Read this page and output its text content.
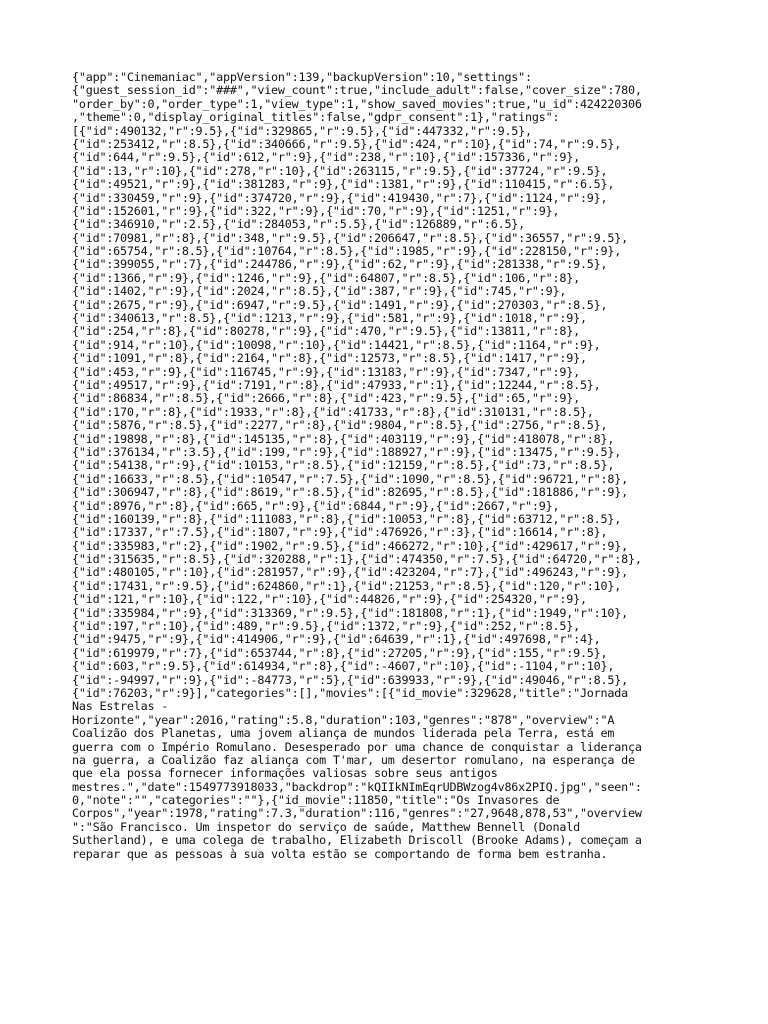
{"app":"Cinemaniac","appVersion":139,"backupVersion":10,"settings":
{"guest_session_id":"###","view_count":true,"include_adult":false,"cover_size":780,
"order_by":0,"order_type":1,"view_type":1,"show_saved_movies":true,"u_id":424220306
,"theme":0,"display_original_titles":false,"gdpr_consent":1},"ratings":
[{"id":490132,"r":9.5},{"id":329865,"r":9.5},{"id":447332,"r":9.5},
{"id":253412,"r":8.5},{"id":340666,"r":9.5},{"id":424,"r":10},{"id":74,"r":9.5},
{"id":644,"r":9.5},{"id":612,"r":9},{"id":238,"r":10},{"id":157336,"r":9},
{"id":13,"r":10},{"id":278,"r":10},{"id":263115,"r":9.5},{"id":37724,"r":9.5},
{"id":49521,"r":9},{"id":381283,"r":9},{"id":1381,"r":9},{"id":110415,"r":6.5},
{"id":330459,"r":9},{"id":374720,"r":9},{"id":419430,"r":7},{"id":1124,"r":9},
{"id":152601,"r":9},{"id":322,"r":9},{"id":70,"r":9},{"id":1251,"r":9},
{"id":346910,"r":2.5},{"id":284053,"r":5.5},{"id":126889,"r":6.5},
{"id":70981,"r":8},{"id":348,"r":9.5},{"id":206647,"r":8.5},{"id":36557,"r":9.5},
{"id":65754,"r":8.5},{"id":10764,"r":8.5},{"id":1985,"r":9},{"id":228150,"r":9},
{"id":399055,"r":7},{"id":244786,"r":9},{"id":62,"r":9},{"id":281338,"r":9.5},
{"id":1366,"r":9},{"id":1246,"r":9},{"id":64807,"r":8.5},{"id":106,"r":8},
{"id":1402,"r":9},{"id":2024,"r":8.5},{"id":387,"r":9},{"id":745,"r":9},
{"id":2675,"r":9},{"id":6947,"r":9.5},{"id":1491,"r":9},{"id":270303,"r":8.5},
{"id":340613,"r":8.5},{"id":1213,"r":9},{"id":581,"r":9},{"id":1018,"r":9},
{"id":254,"r":8},{"id":80278,"r":9},{"id":470,"r":9.5},{"id":13811,"r":8},
{"id":914,"r":10},{"id":10098,"r":10},{"id":14421,"r":8.5},{"id":1164,"r":9},
{"id":1091,"r":8},{"id":2164,"r":8},{"id":12573,"r":8.5},{"id":1417,"r":9},
{"id":453,"r":9},{"id":116745,"r":9},{"id":13183,"r":9},{"id":7347,"r":9},
{"id":49517,"r":9},{"id":7191,"r":8},{"id":47933,"r":1},{"id":12244,"r":8.5},
{"id":86834,"r":8.5},{"id":2666,"r":8},{"id":423,"r":9.5},{"id":65,"r":9},
{"id":170,"r":8},{"id":1933,"r":8},{"id":41733,"r":8},{"id":310131,"r":8.5},
{"id":5876,"r":8.5},{"id":2277,"r":8},{"id":9804,"r":8.5},{"id":2756,"r":8.5},
{"id":19898,"r":8},{"id":145135,"r":8},{"id":403119,"r":9},{"id":418078,"r":8},
{"id":376134,"r":3.5},{"id":199,"r":9},{"id":188927,"r":9},{"id":13475,"r":9.5},
{"id":54138,"r":9},{"id":10153,"r":8.5},{"id":12159,"r":8.5},{"id":73,"r":8.5},
{"id":16633,"r":8.5},{"id":10547,"r":7.5},{"id":1090,"r":8.5},{"id":96721,"r":8},
{"id":306947,"r":8},{"id":8619,"r":8.5},{"id":82695,"r":8.5},{"id":181886,"r":9},
{"id":8976,"r":8},{"id":665,"r":9},{"id":6844,"r":9},{"id":2667,"r":9},
{"id":160139,"r":8},{"id":111083,"r":8},{"id":10053,"r":8},{"id":63712,"r":8.5},
{"id":17337,"r":7.5},{"id":1807,"r":9},{"id":476926,"r":3},{"id":16614,"r":8},
{"id":335983,"r":2},{"id":1902,"r":9.5},{"id":466272,"r":10},{"id":429617,"r":9},
{"id":315635,"r":8.5},{"id":320288,"r":1},{"id":474350,"r":7.5},{"id":64720,"r":8},
{"id":480105,"r":10},{"id":281957,"r":9},{"id":423204,"r":7},{"id":496243,"r":9},
{"id":17431,"r":9.5},{"id":624860,"r":1},{"id":21253,"r":8.5},{"id":120,"r":10},
{"id":121,"r":10},{"id":122,"r":10},{"id":44826,"r":9},{"id":254320,"r":9},
{"id":335984,"r":9},{"id":313369,"r":9.5},{"id":181808,"r":1},{"id":1949,"r":10},
{"id":197,"r":10},{"id":489,"r":9.5},{"id":1372,"r":9},{"id":252,"r":8.5},
{"id":9475,"r":9},{"id":414906,"r":9},{"id":64639,"r":1},{"id":497698,"r":4},
{"id":619979,"r":7},{"id":653744,"r":8},{"id":27205,"r":9},{"id":155,"r":9.5},
{"id":603,"r":9.5},{"id":614934,"r":8},{"id":-4607,"r":10},{"id":-1104,"r":10},
{"id":-94997,"r":9},{"id":-84773,"r":5},{"id":639933,"r":9},{"id":49046,"r":8.5},
{"id":76203,"r":9}],"categories":[],"movies":[{"id_movie":329628,"title":"Jornada
Nas Estrelas -
Horizonte","year":2016,"rating":5.8,"duration":103,"genres":"878","overview":"A
Coalizão dos Planetas, uma jovem aliança de mundos liderada pela Terra, está em
guerra com o Império Romulano. Desesperado por uma chance de conquistar a liderança
na guerra, a Coalizão faz aliança com T'mar, um desertor romulano, na esperança de
que ela possa fornecer informações valiosas sobre seus antigos
mestres.","date":1549773918033,"backdrop":"kQIIkNImEqrUDBWzog4v86x2PIQ.jpg","seen":
0,"note":"","categories":""},{"id_movie":11850,"title":"Os Invasores de
Corpos","year":1978,"rating":7.3,"duration":116,"genres":"27,9648,878,53","overview
":"São Francisco. Um inspetor do serviço de saúde, Matthew Bennell (Donald
Sutherland), e uma colega de trabalho, Elizabeth Driscoll (Brooke Adams), começam a
reparar que as pessoas à sua volta estão se comportando de forma bem estranha.
